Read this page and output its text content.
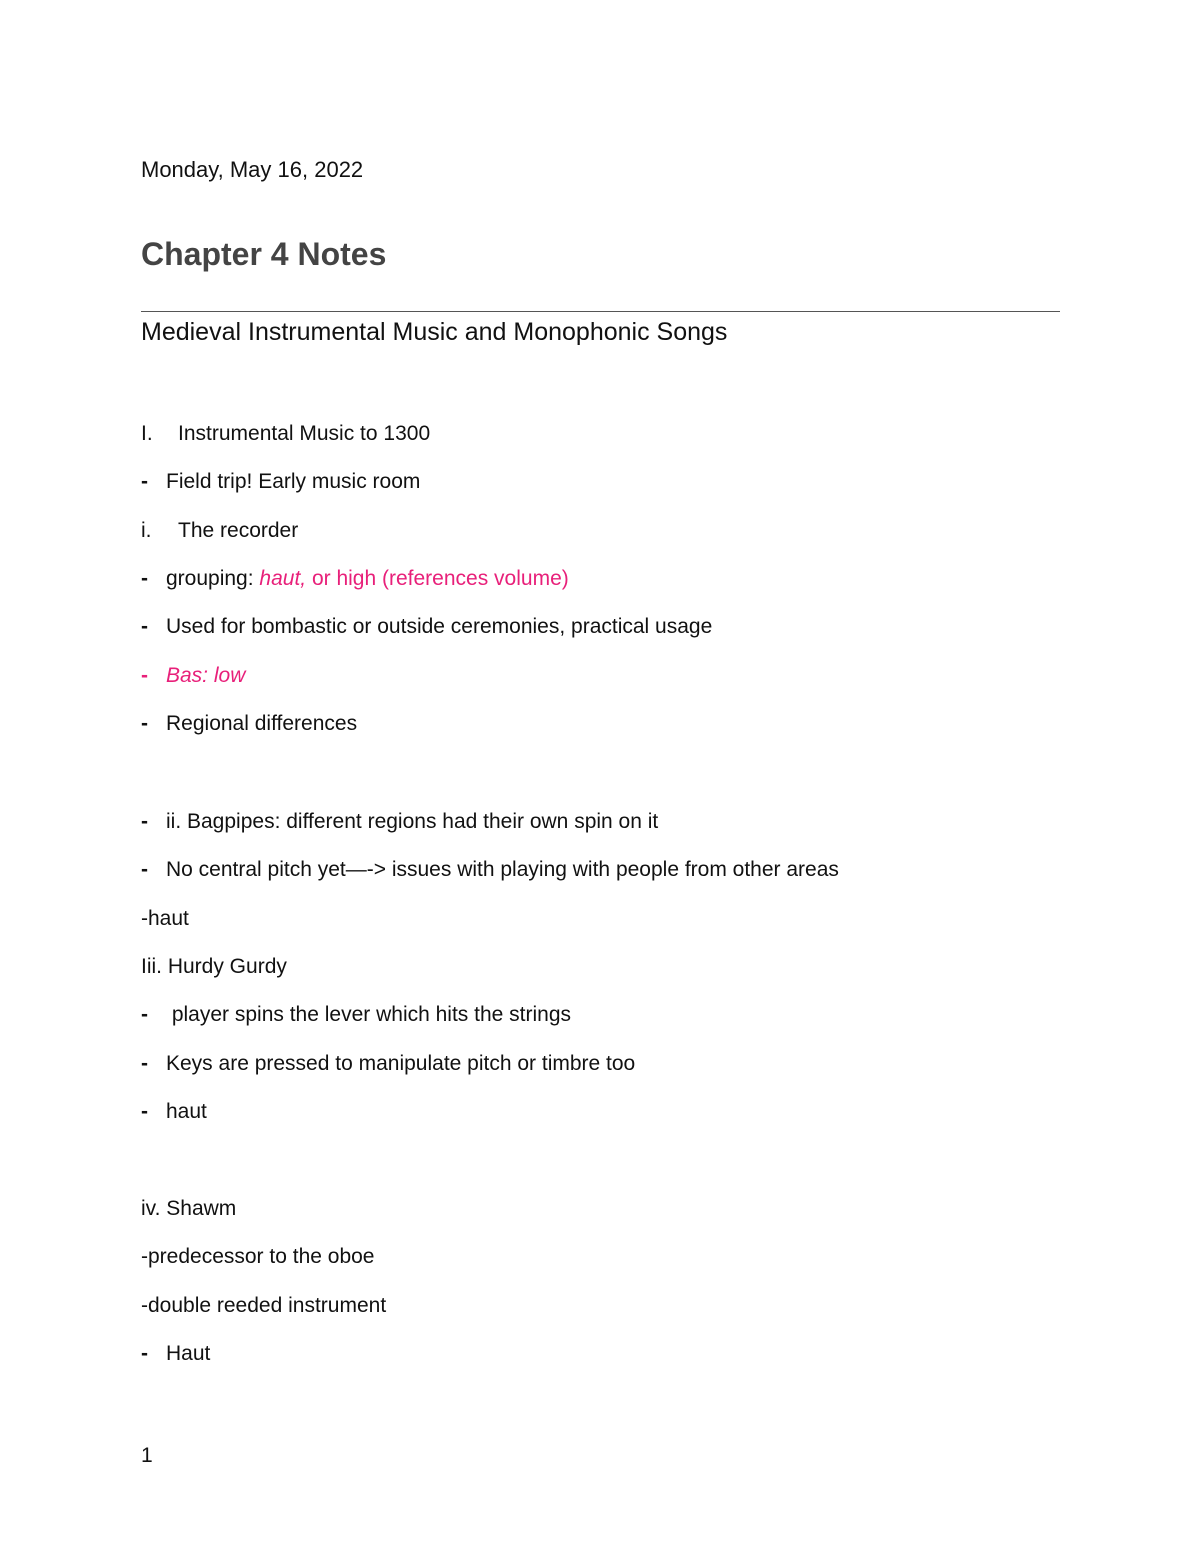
Monday, May 16, 2022
Chapter 4 Notes
Medieval Instrumental Music and Monophonic Songs
I. Instrumental Music to 1300
- Field trip! Early music room
i. The recorder
- grouping: haut, or high (references volume)
- Used for bombastic or outside ceremonies, practical usage
- Bas: low
- Regional differences
- ii. Bagpipes: different regions had their own spin on it
- No central pitch yet—-> issues with playing with people from other areas
-haut
Iii. Hurdy Gurdy
- player spins the lever which hits the strings
- Keys are pressed to manipulate pitch or timbre too
- haut
iv. Shawm
-predecessor to the oboe
-double reeded instrument
- Haut
1
